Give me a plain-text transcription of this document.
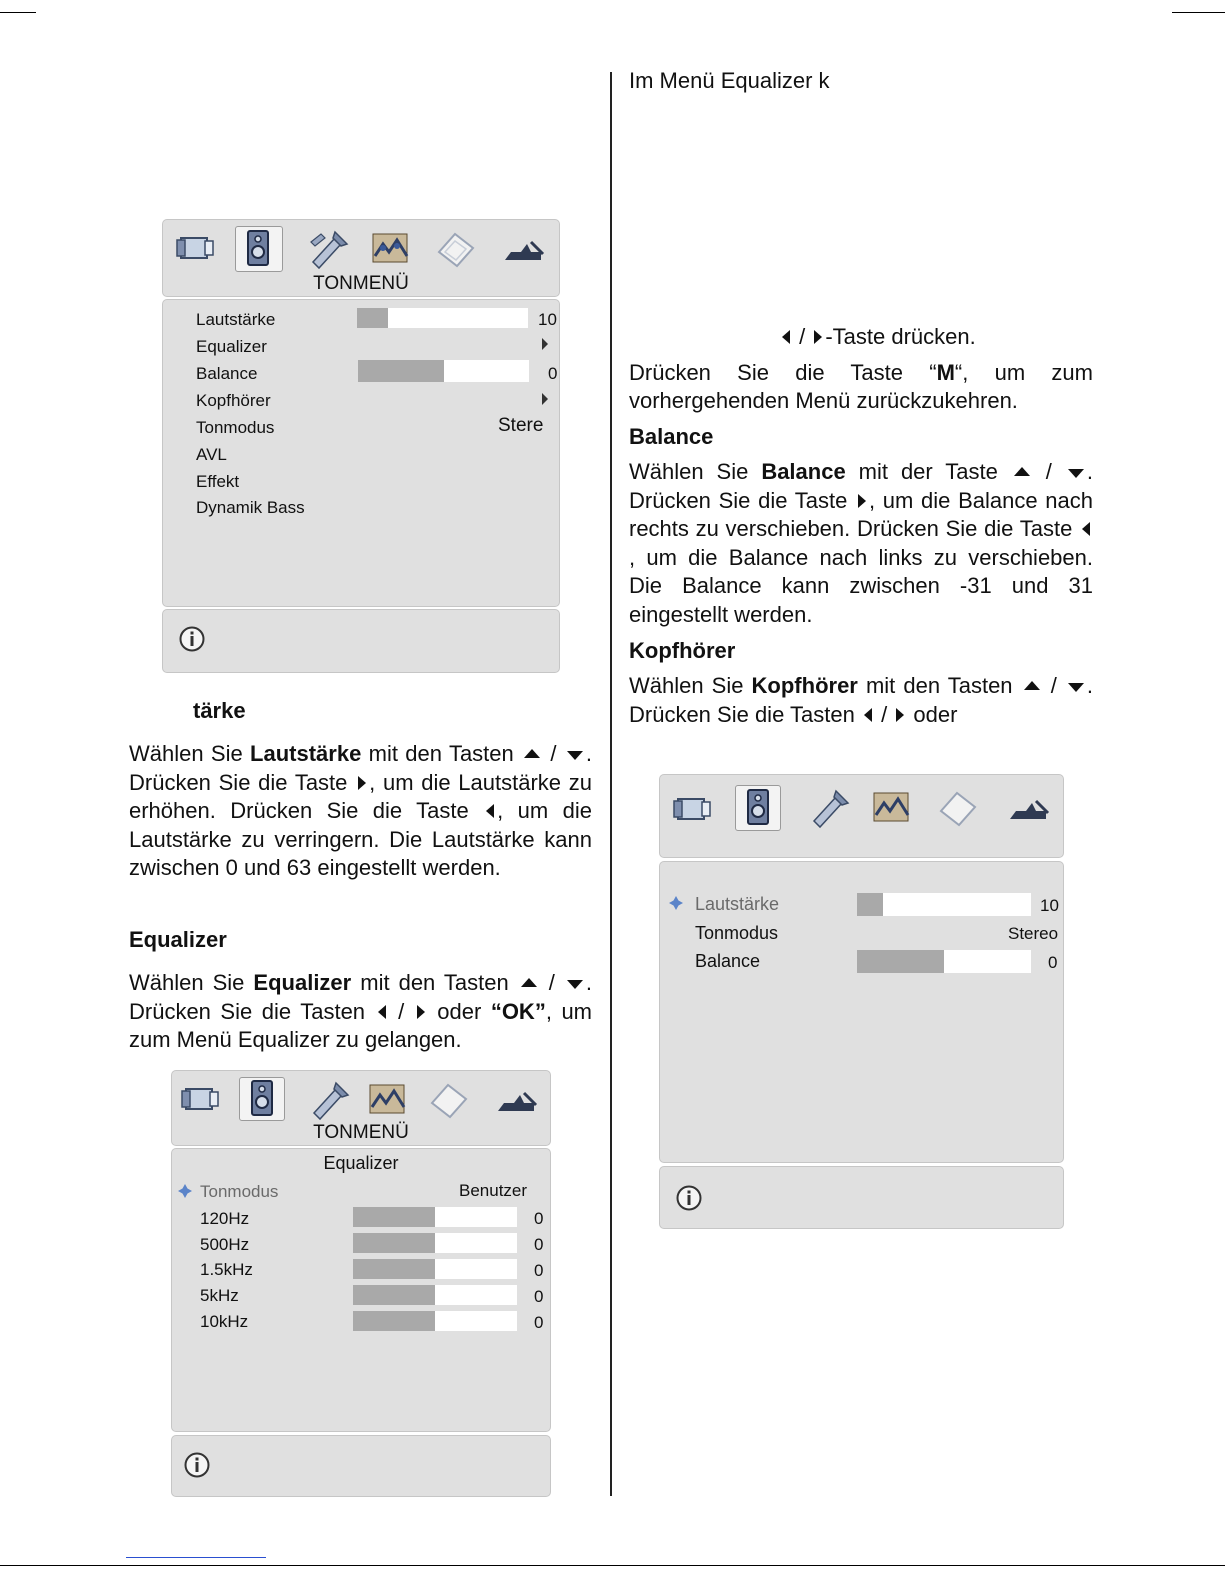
TONMENÜ
Lautstärke	10
Equalizer
Balance	0
Kopfhörer
Tonmodus	Stere
AVL
Effekt
Dynamik Bass
tärke
Wählen Sie Lautstärke mit den Tasten  / . Drücken Sie die Taste , um die Lautstärke zu erhöhen. Drücken Sie die Taste , um die Lautstärke zu verringern. Die Lautstärke kann zwischen 0 und 63 eingestellt werden.
Equalizer
Wählen Sie Equalizer mit den Tasten  / . Drücken Sie die Tasten  /  oder “OK”, um zum Menü Equalizer zu gelangen.
TONMENÜ
Equalizer
Tonmodus	Benutzer
120Hz	0
500Hz	0
1.5kHz	0
5kHz	0
10kHz	0
Im Menü Equalizer k
/ -Taste drücken.
Drücken Sie die Taste “M“, um zum
vorhergehenden Menü zurückzukehren.
Balance
Wählen Sie Balance mit der Taste  / . Drücken Sie die Taste , um die Balance nach rechts zu verschieben. Drücken Sie die Taste , um die Balance nach links zu verschieben. Die Balance kann zwischen -31 und 31 eingestellt werden.
Kopfhörer
Wählen Sie Kopfhörer mit den Tasten  / . Drücken Sie die Tasten  /  oder
Lautstärke	10
Tonmodus	Stereo
Balance	0
